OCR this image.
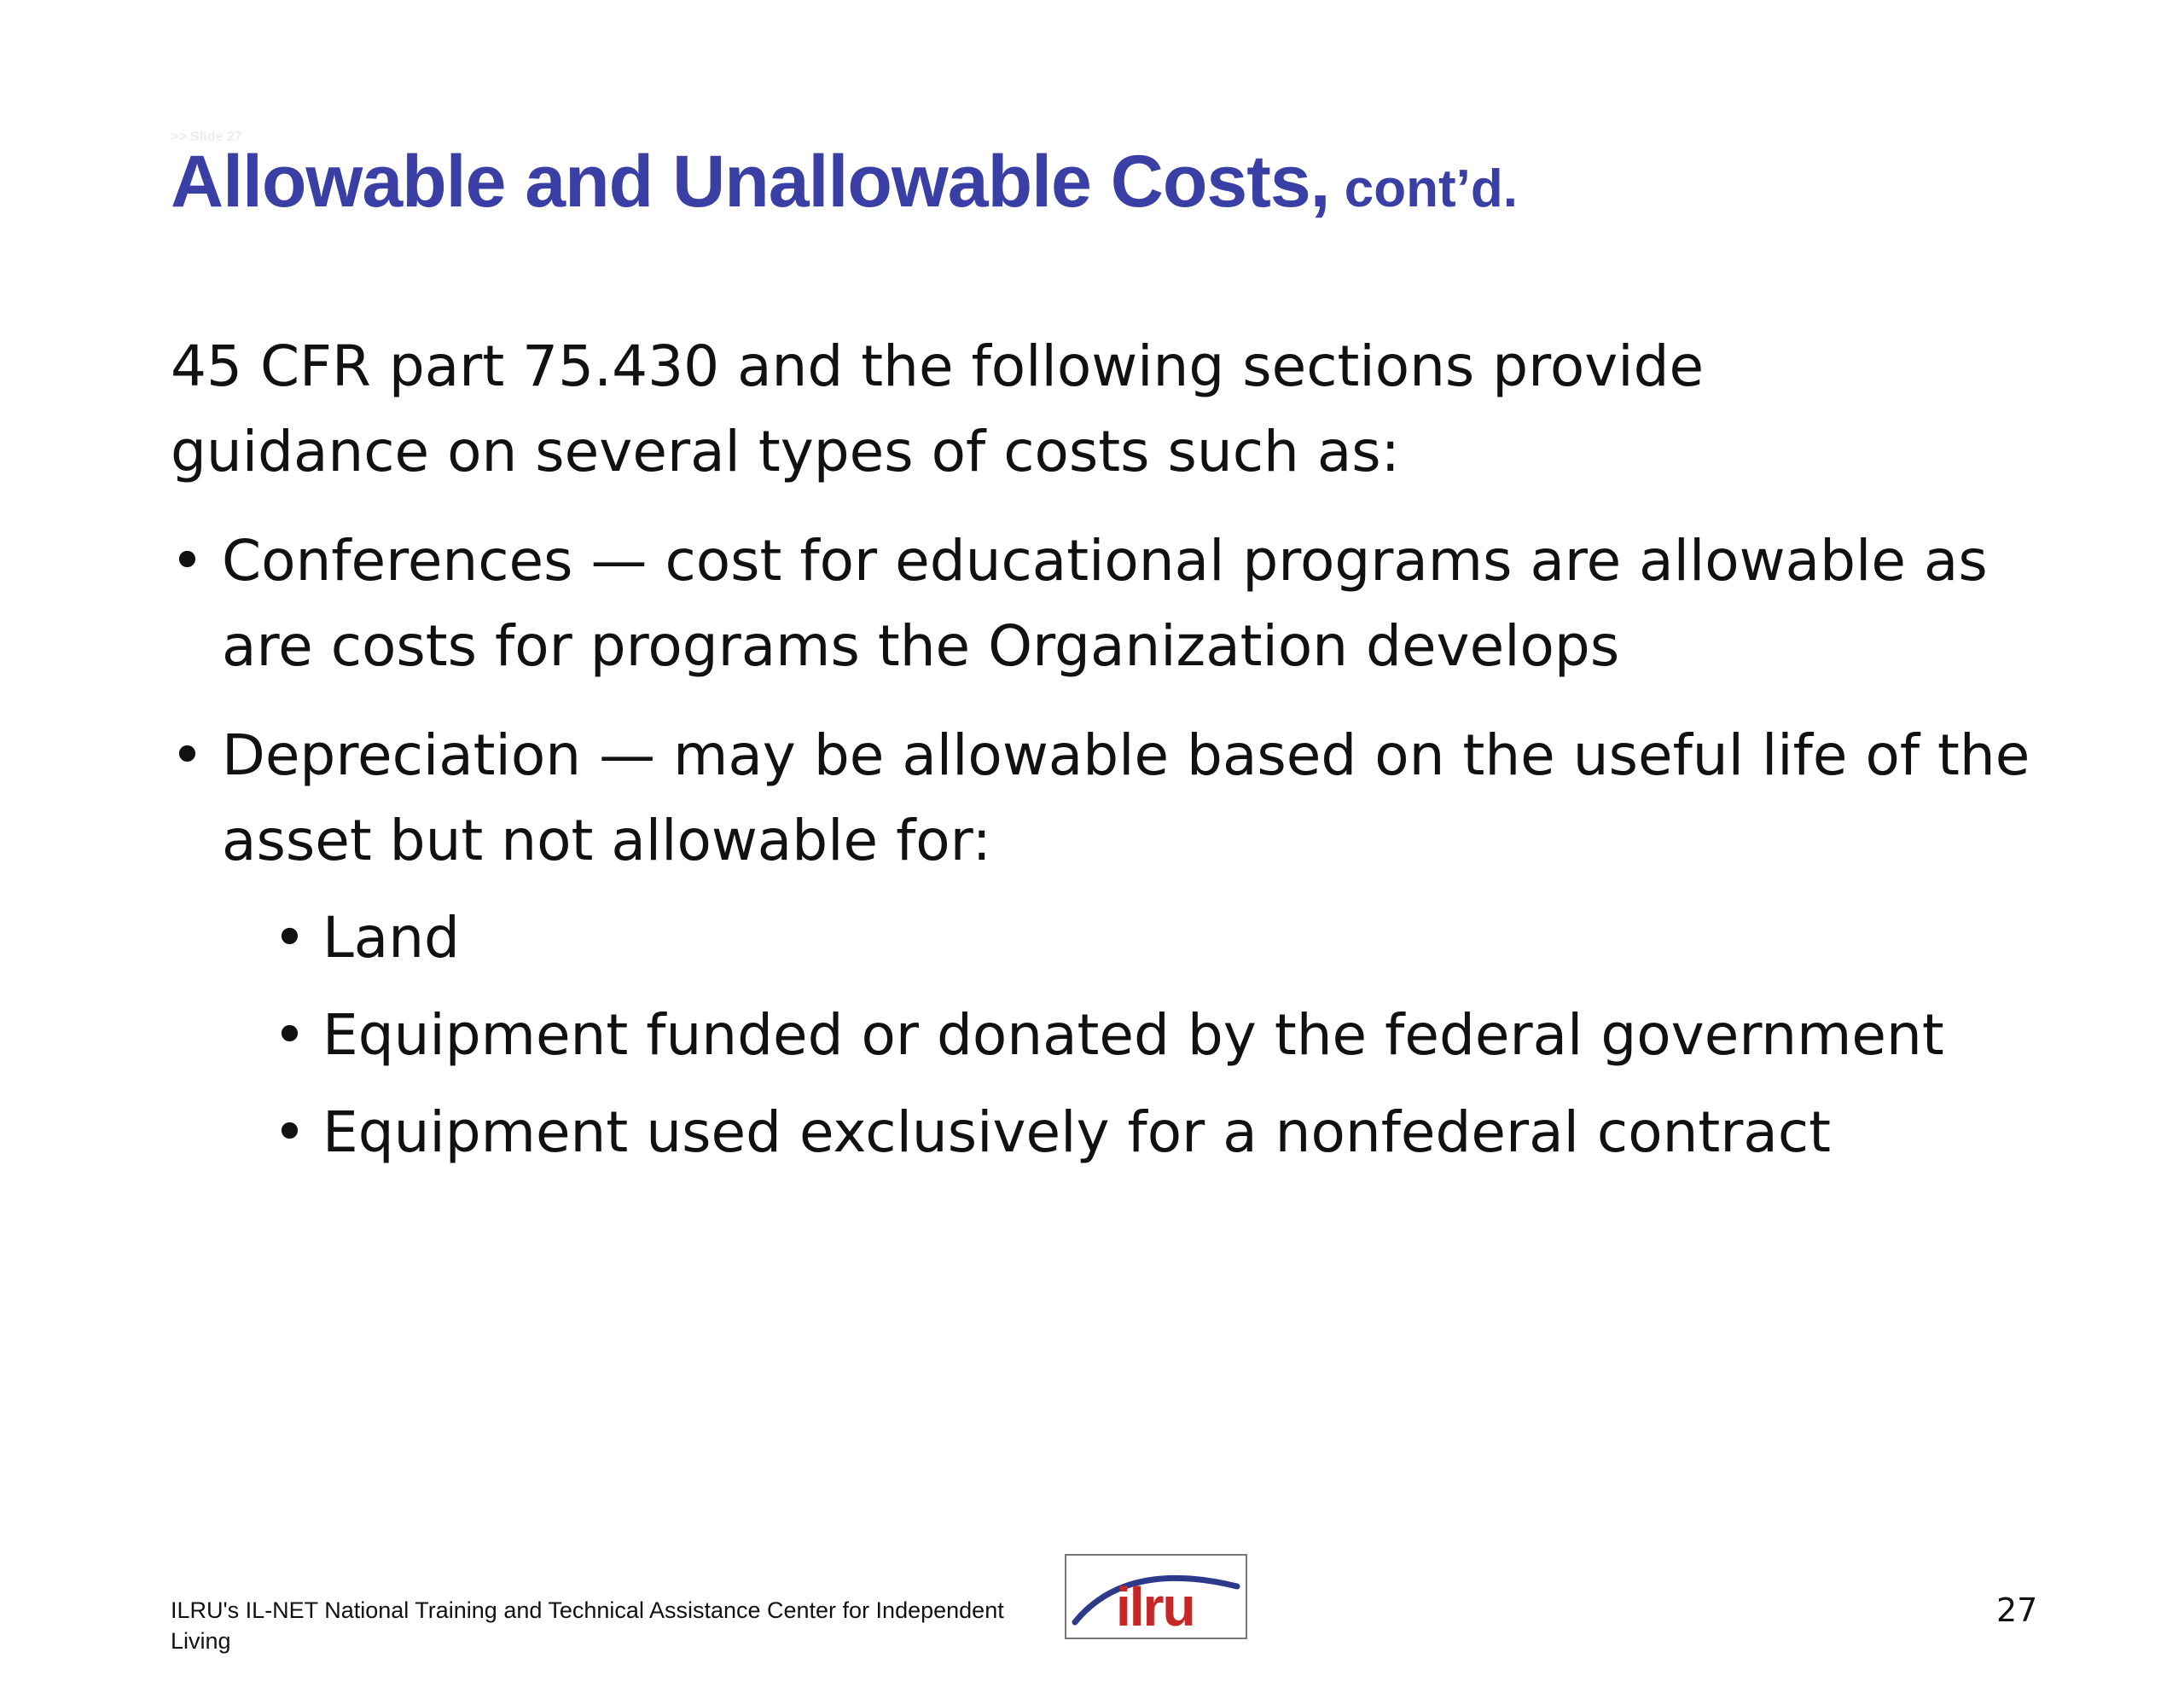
>> Slide 27
Allowable and Unallowable Costs, cont’d.

45 CFR part 75.430 and the following sections provide guidance on several types of costs such as:

• Conferences — cost for educational programs are allowable as are costs for programs the Organization develops
• Depreciation — may be allowable based on the useful life of the asset but not allowable for:
• Land
• Equipment funded or donated by the federal government
• Equipment used exclusively for a nonfederal contract
ILRU's IL-NET National Training and Technical Assistance Center for Independent Living
ilru	27
